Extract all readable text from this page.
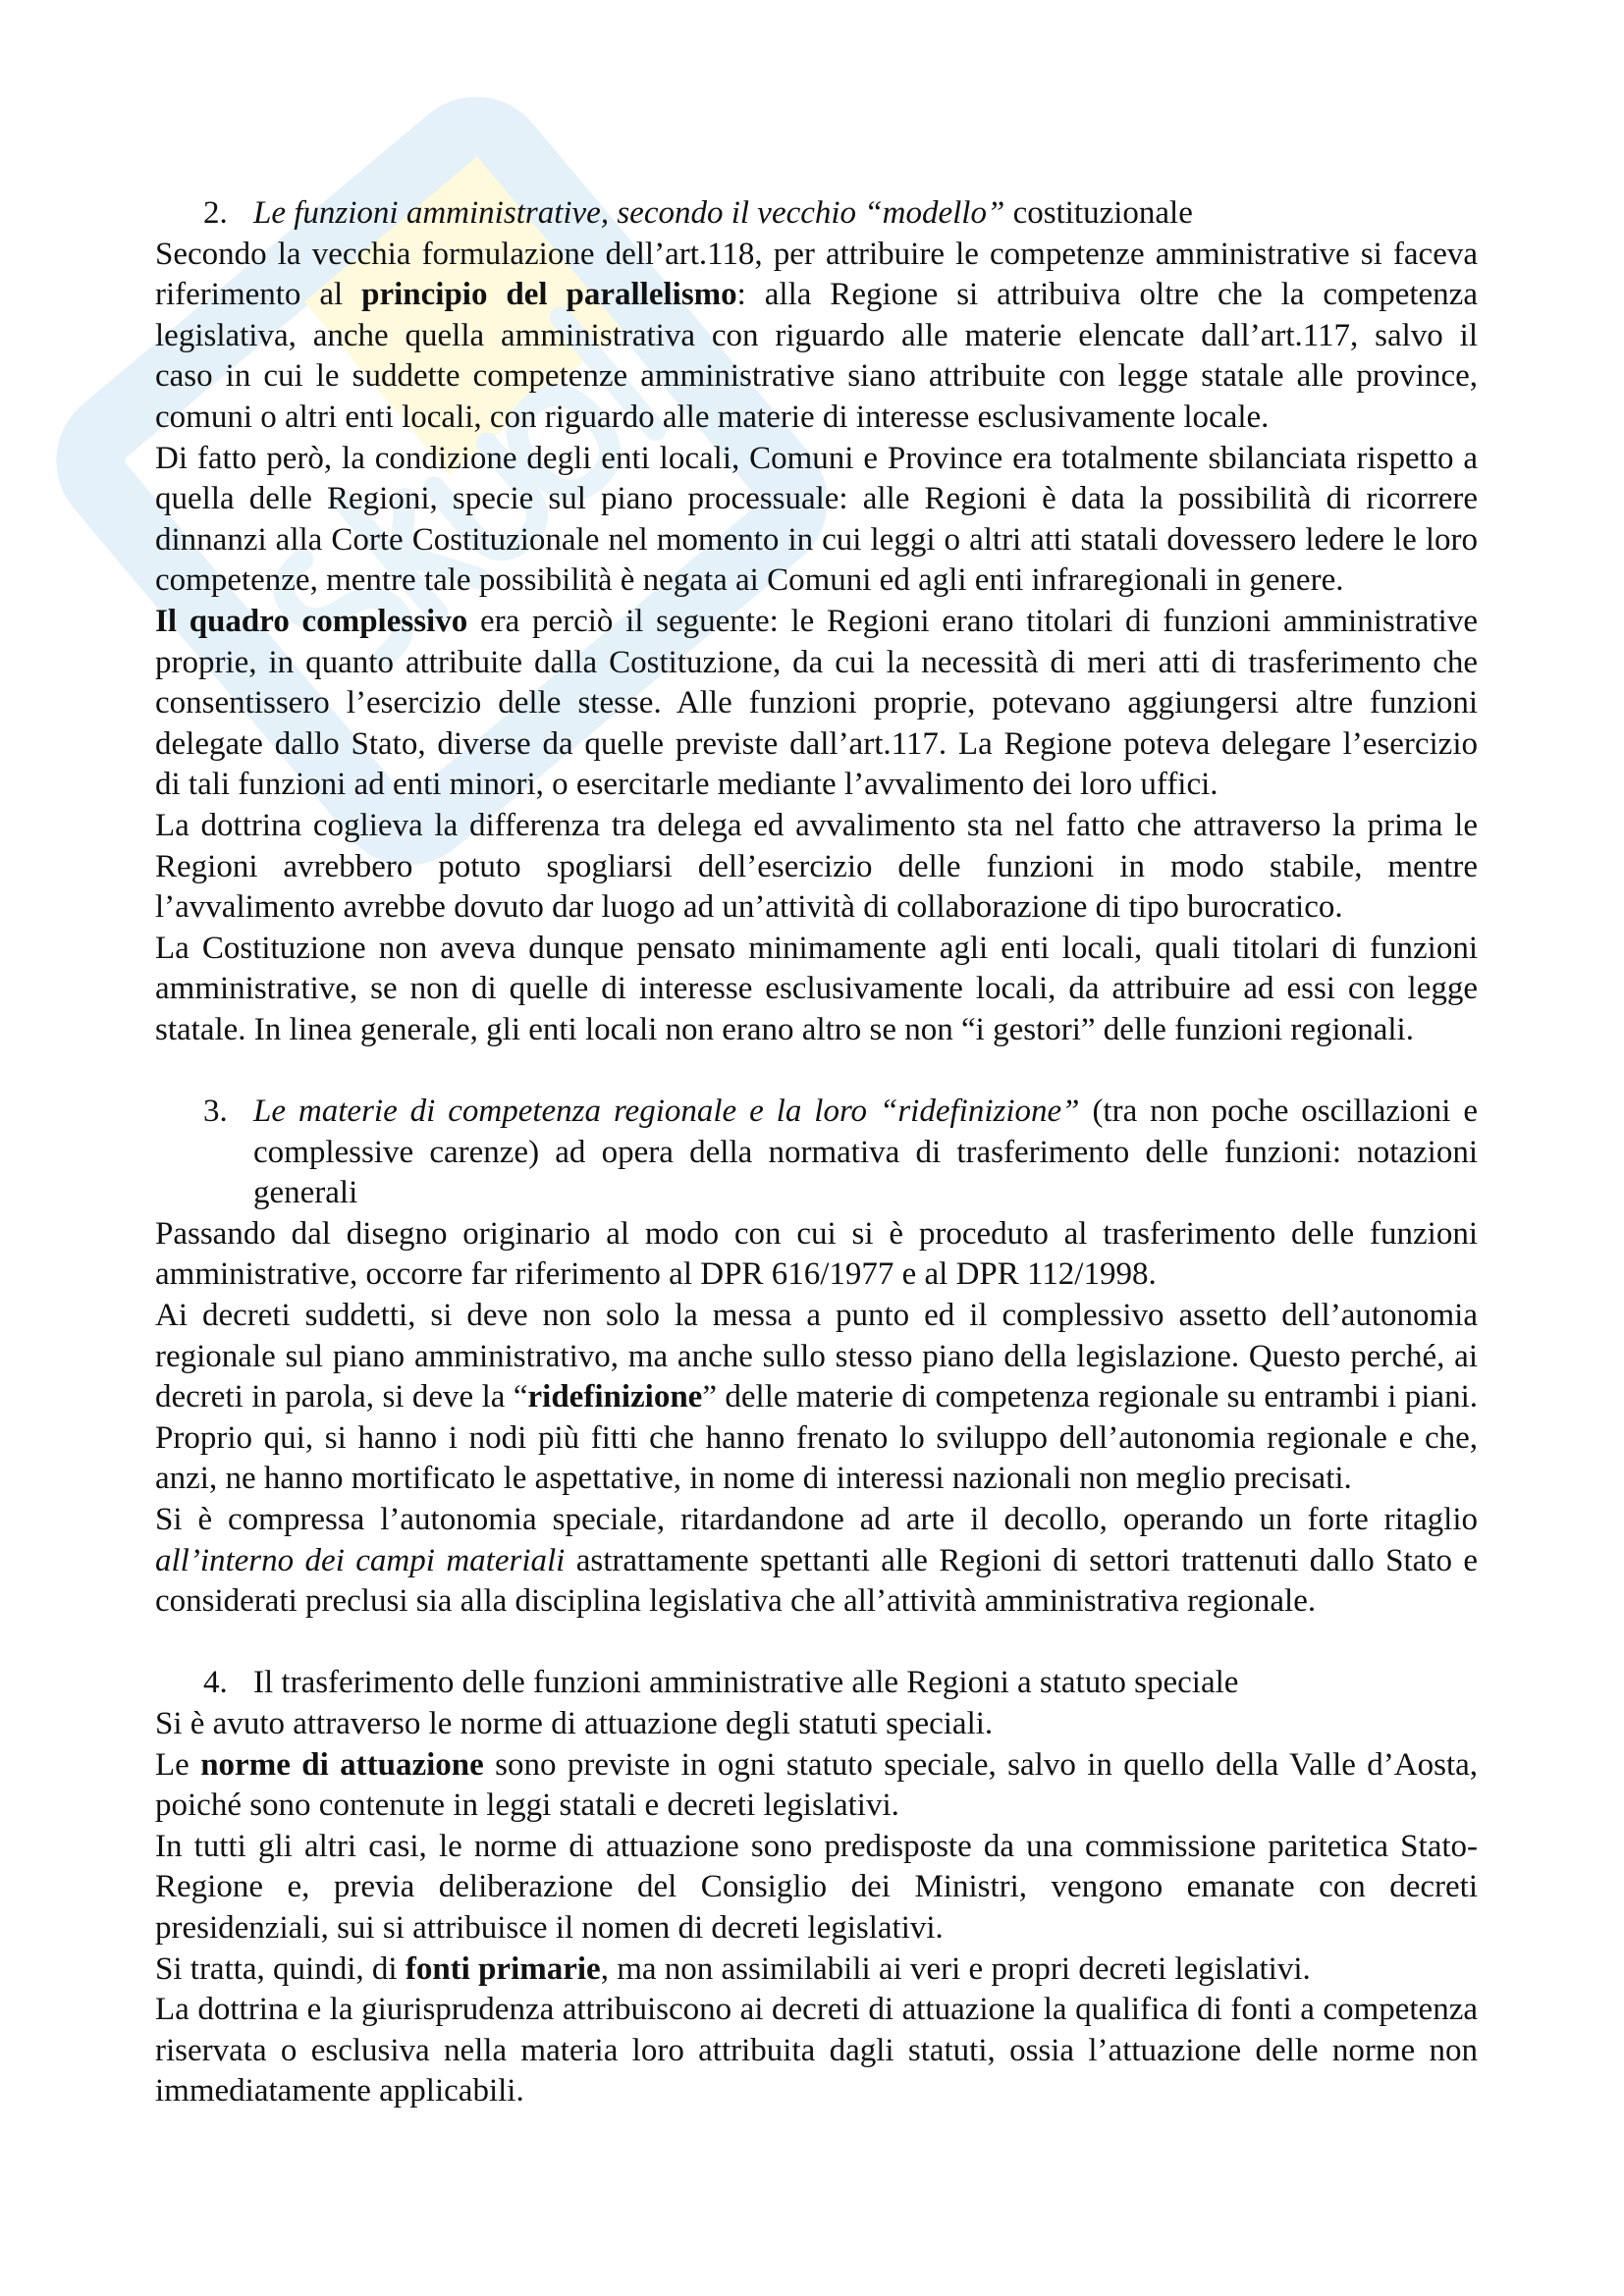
2. Le funzioni amministrative, secondo il vecchio “modello” costituzionale
Secondo la vecchia formulazione dell’art.118, per attribuire le competenze amministrative si faceva
riferimento al principio del parallelismo: alla Regione si attribuiva oltre che la competenza
legislativa, anche quella amministrativa con riguardo alle materie elencate dall’art.117, salvo il
caso in cui le suddette competenze amministrative siano attribuite con legge statale alle province,
comuni o altri enti locali, con riguardo alle materie di interesse esclusivamente locale.
Di fatto però, la condizione degli enti locali, Comuni e Province era totalmente sbilanciata rispetto a
quella delle Regioni, specie sul piano processuale: alle Regioni è data la possibilità di ricorrere
dinnanzi alla Corte Costituzionale nel momento in cui leggi o altri atti statali dovessero ledere le loro
competenze, mentre tale possibilità è negata ai Comuni ed agli enti infraregionali in genere.
Il quadro complessivo era perciò il seguente: le Regioni erano titolari di funzioni amministrative
proprie, in quanto attribuite dalla Costituzione, da cui la necessità di meri atti di trasferimento che
consentissero l’esercizio delle stesse. Alle funzioni proprie, potevano aggiungersi altre funzioni
delegate dallo Stato, diverse da quelle previste dall’art.117. La Regione poteva delegare l’esercizio
di tali funzioni ad enti minori, o esercitarle mediante l’avvalimento dei loro uffici.
La dottrina coglieva la differenza tra delega ed avvalimento sta nel fatto che attraverso la prima le
Regioni avrebbero potuto spogliarsi dell’esercizio delle funzioni in modo stabile, mentre
l’avvalimento avrebbe dovuto dar luogo ad un’attività di collaborazione di tipo burocratico.
La Costituzione non aveva dunque pensato minimamente agli enti locali, quali titolari di funzioni
amministrative, se non di quelle di interesse esclusivamente locali, da attribuire ad essi con legge
statale. In linea generale, gli enti locali non erano altro se non “i gestori” delle funzioni regionali.
3. Le materie di competenza regionale e la loro “ridefinizione” (tra non poche oscillazioni e
complessive carenze) ad opera della normativa di trasferimento delle funzioni: notazioni
generali
Passando dal disegno originario al modo con cui si è proceduto al trasferimento delle funzioni
amministrative, occorre far riferimento al DPR 616/1977 e al DPR 112/1998.
Ai decreti suddetti, si deve non solo la messa a punto ed il complessivo assetto dell’autonomia
regionale sul piano amministrativo, ma anche sullo stesso piano della legislazione. Questo perché, ai
decreti in parola, si deve la “ridefinizione” delle materie di competenza regionale su entrambi i piani.
Proprio qui, si hanno i nodi più fitti che hanno frenato lo sviluppo dell’autonomia regionale e che,
anzi, ne hanno mortificato le aspettative, in nome di interessi nazionali non meglio precisati.
Si è compressa l’autonomia speciale, ritardandone ad arte il decollo, operando un forte ritaglio
all’interno dei campi materiali astrattamente spettanti alle Regioni di settori trattenuti dallo Stato e
considerati preclusi sia alla disciplina legislativa che all’attività amministrativa regionale.
4. Il trasferimento delle funzioni amministrative alle Regioni a statuto speciale
Si è avuto attraverso le norme di attuazione degli statuti speciali.
Le norme di attuazione sono previste in ogni statuto speciale, salvo in quello della Valle d’Aosta,
poiché sono contenute in leggi statali e decreti legislativi.
In tutti gli altri casi, le norme di attuazione sono predisposte da una commissione paritetica Stato-
Regione e, previa deliberazione del Consiglio dei Ministri, vengono emanate con decreti
presidenziali, sui si attribuisce il nomen di decreti legislativi.
Si tratta, quindi, di fonti primarie, ma non assimilabili ai veri e propri decreti legislativi.
La dottrina e la giurisprudenza attribuiscono ai decreti di attuazione la qualifica di fonti a competenza
riservata o esclusiva nella materia loro attribuita dagli statuti, ossia l’attuazione delle norme non
immediatamente applicabili.
